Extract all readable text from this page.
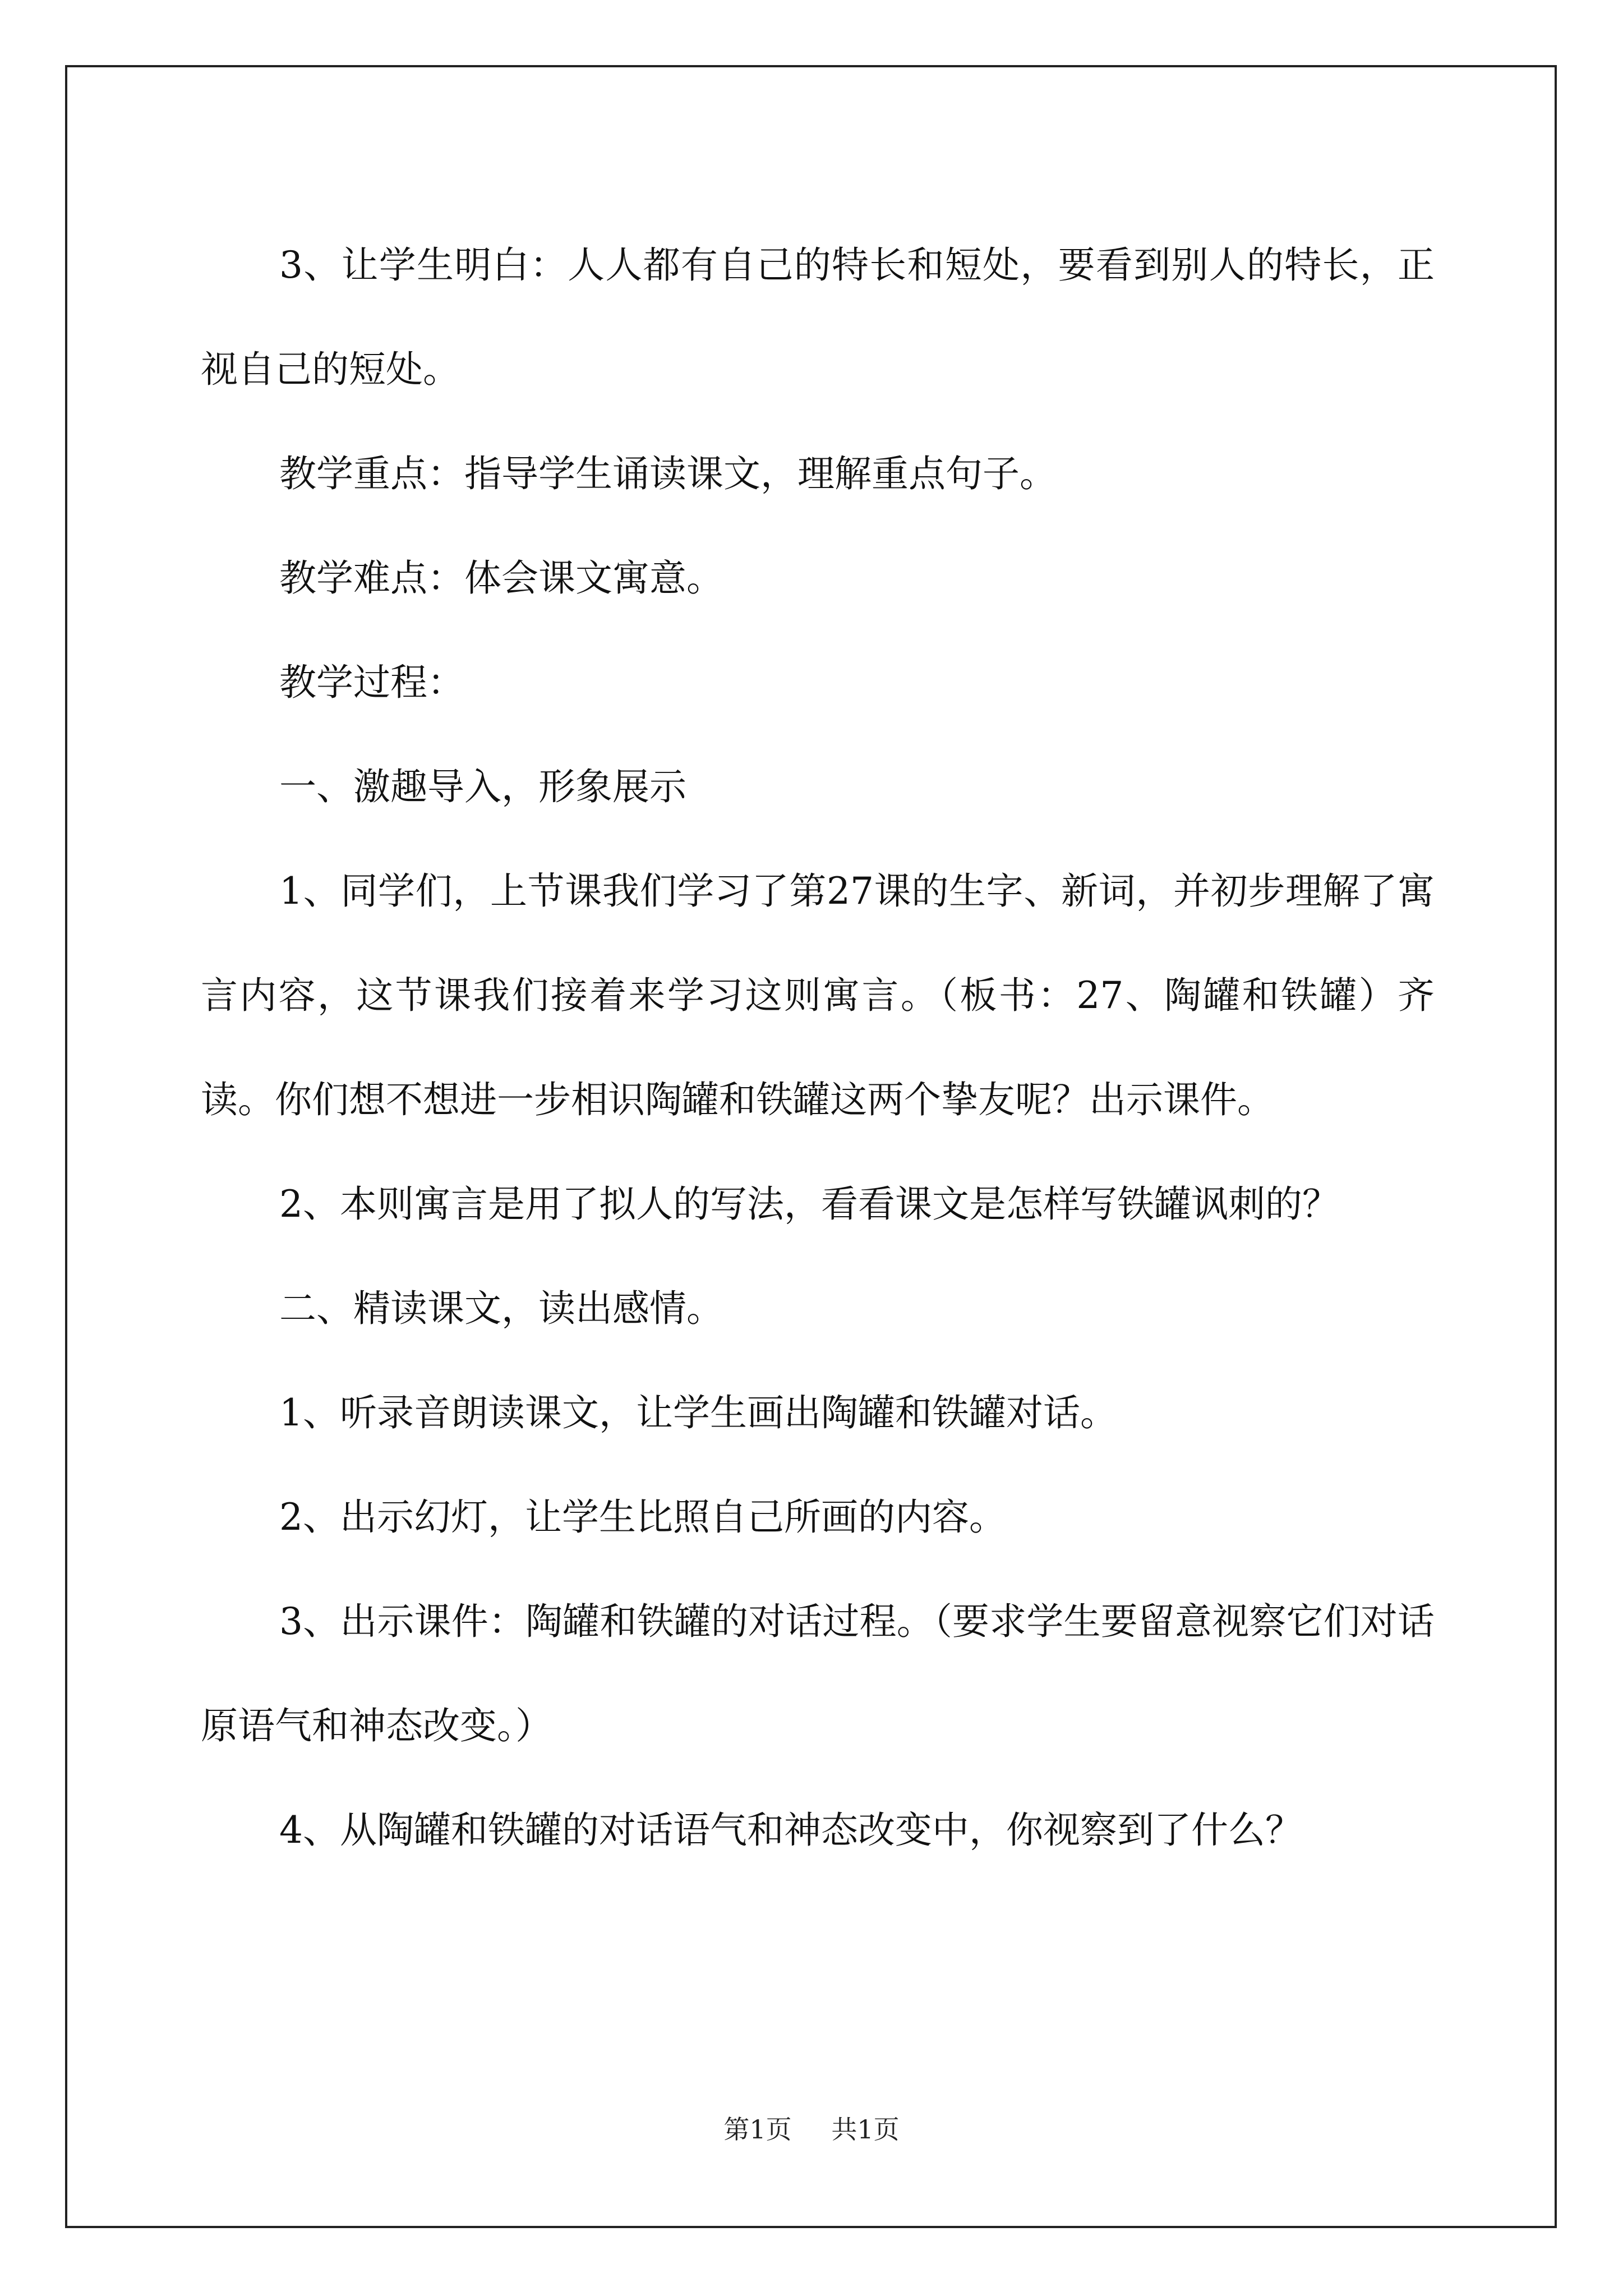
3、让学生明白：人人都有自己的特长和短处，要看到别人的特长，正视自己的短处。

教学重点：指导学生诵读课文，理解重点句子。

教学难点：体会课文寓意。

教学过程：

一、激趣导入，形象展示

1、同学们，上节课我们学习了第27课的生字、新词，并初步理解了寓言内容，这节课我们接着来学习这则寓言。（板书：27、陶罐和铁罐）齐读。你们想不想进一步相识陶罐和铁罐这两个挚友呢？出示课件。

2、本则寓言是用了拟人的写法，看看课文是怎样写铁罐讽刺的？

二、精读课文，读出感情。

1、听录音朗读课文，让学生画出陶罐和铁罐对话。

2、出示幻灯，让学生比照自己所画的内容。

3、出示课件：陶罐和铁罐的对话过程。（要求学生要留意视察它们对话原语气和神态改变。）

4、从陶罐和铁罐的对话语气和神态改变中，你视察到了什么？

第1页 共1页
